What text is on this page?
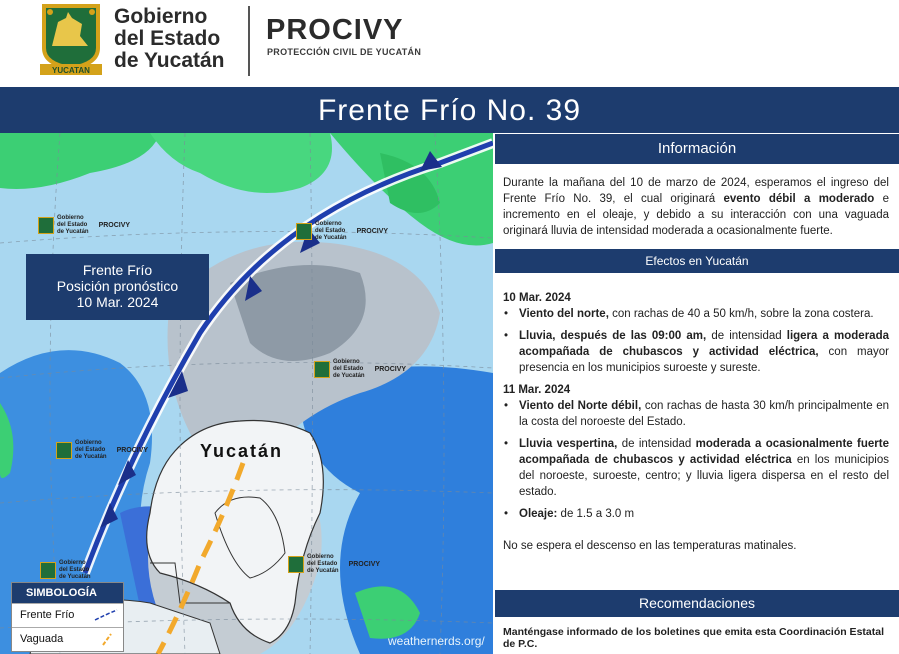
YUCATAN
Gobierno
del Estado
de Yucatán
PROCIVY
PROTECCIÓN CIVIL DE YUCATÁN
Frente Frío No. 39
Gobierno
del Estado
de YucatánPROCIVY	Gobierno
del Estado
de YucatánPROCIVY
Gobierno
del Estado
de YucatánPROCIVY
Gobierno
del Estado
de YucatánPROCIVY
Gobierno
del Estado
de YucatánPROCIVY
Gobierno
del Estado
de Yucatán
Frente Frío
Posición pronóstico
10 Mar. 2024
Yucatán
SIMBOLOGÍA
Frente Frío
Vaguada	weathernerds.org/
Información
Durante la mañana del 10 de marzo de 2024, esperamos el ingreso del Frente Frío No. 39, el cual originará evento débil a moderado e incremento en el oleaje, y debido a su interacción con una vaguada originará lluvia de intensidad moderada a ocasionalmente fuerte.
Efectos en Yucatán
10 Mar. 2024
• Viento del norte, con rachas de 40 a 50 km/h, sobre la zona costera.
• Lluvia, después de las 09:00 am, de intensidad ligera a moderada acompañada de chubascos y actividad eléctrica, con mayor presencia en los municipios suroeste y sureste.
11 Mar. 2024
• Viento del Norte débil, con rachas de hasta 30 km/h principalmente en la costa del noroeste del Estado.
• Lluvia vespertina, de intensidad moderada a ocasionalmente fuerte acompañada de chubascos y actividad eléctrica en los municipios del noroeste, suroeste, centro; y lluvia ligera dispersa en el resto del estado.
• Oleaje: de 1.5 a 3.0 m
No se espera el descenso en las temperaturas matinales.
Recomendaciones
Manténgase informado de los boletines que emita esta Coordinación Estatal de P.C.
